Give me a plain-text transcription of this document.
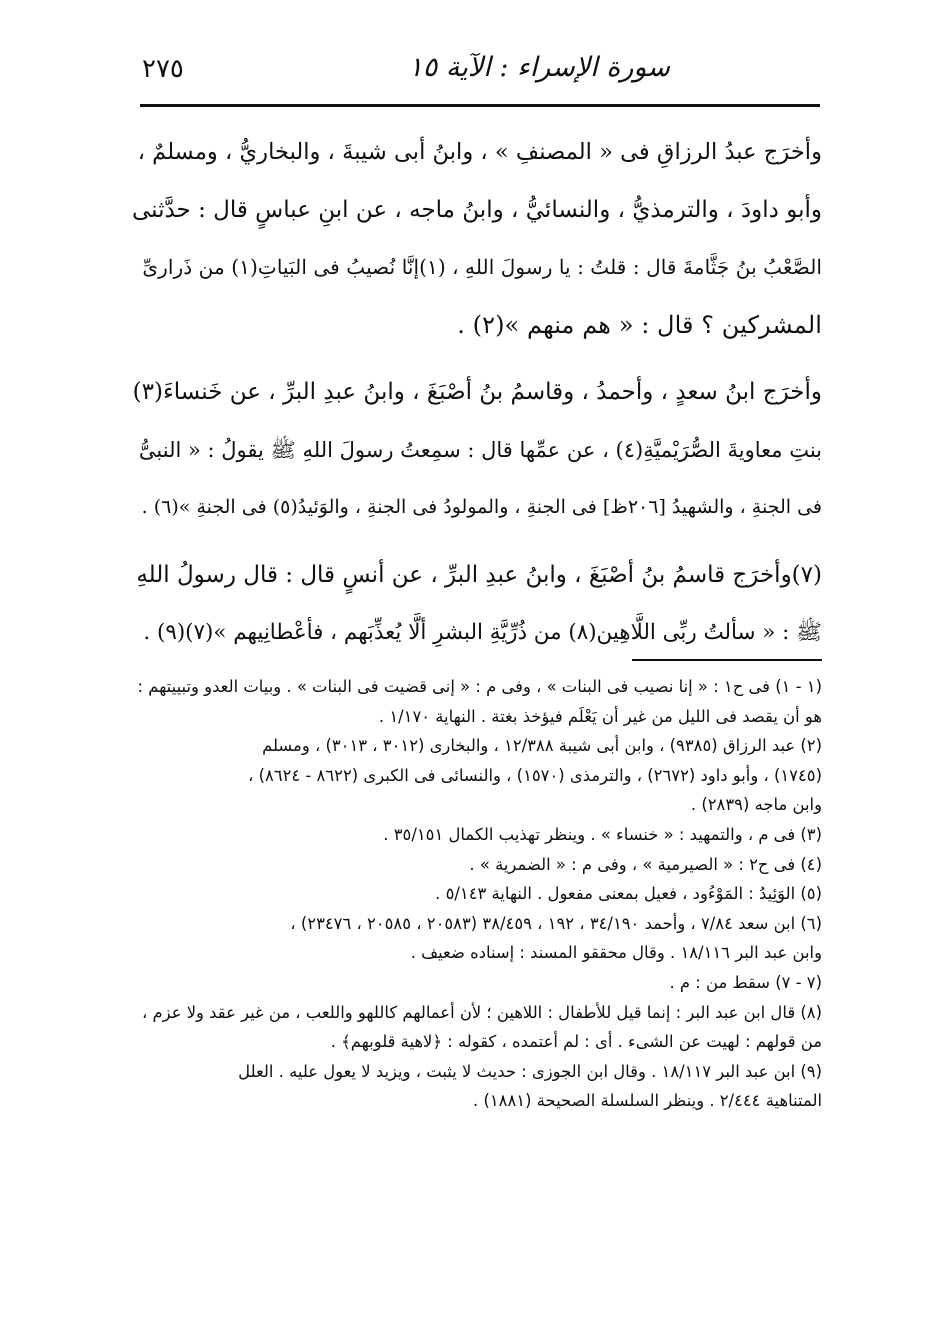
٢٧٥	سورة الإسراء : الآية ١٥

وأخرَج عبدُ الرزاقِ فى « المصنفِ » ، وابنُ أبى شيبةَ ، والبخاريُّ ، ومسلمٌ ،
وأبو داودَ ، والترمذيُّ ، والنسائيُّ ، وابنُ ماجه ، عن ابنِ عباسٍ قال : حدَّثنى
الصَّعْبُ بنُ جَثَّامةَ قال : قلتُ : يا رسولَ اللهِ ، (١)إنَّا نُصيبُ فى البَياتِ(١) من ذَرارىِّ
المشركين ؟ قال : « هم منهم »(٢) .

وأخرَج ابنُ سعدٍ ، وأحمدُ ، وقاسمُ بنُ أصْبَغَ ، وابنُ عبدِ البرِّ ، عن خَنساءَ(٣)
بنتِ معاويةَ الصُّرَيْميَّةِ(٤) ، عن عمِّها قال : سمِعتُ رسولَ اللهِ ﷺ يقولُ : « النبىُّ
فى الجنةِ ، والشهيدُ [٢٠٦ظ] فى الجنةِ ، والمولودُ فى الجنةِ ، والوَئيدُ(٥) فى الجنةِ »(٦) .

(٧)وأخرَج قاسمُ بنُ أصْبَغَ ، وابنُ عبدِ البرِّ ، عن أنسٍ قال : قال رسولُ اللهِ
ﷺ : « سألتُ ربِّى اللَّاهِين(٨) من ذُرِّيَّةِ البشرِ ألَّا يُعذِّبَهم ، فأعْطانِيهم »(٧)(٩) .

(١ - ١) فى ح١ : « إنا نصيب فى البنات » ، وفى م : « إنى قضيت فى البنات » . وبيات العدو وتبييتهم :
هو أن يقصد فى الليل من غير أن يَعْلَم فيؤخذ بغتة . النهاية ١/١٧٠ .
(٢) عبد الرزاق (٩٣٨٥) ، وابن أبى شيبة ١٢/٣٨٨ ، والبخارى (٣٠١٢ ، ٣٠١٣) ، ومسلم
(١٧٤٥) ، وأبو داود (٢٦٧٢) ، والترمذى (١٥٧٠) ، والنسائى فى الكبرى (٨٦٢٢ - ٨٦٢٤) ،
وابن ماجه (٢٨٣٩) .
(٣) فى م ، والتمهيد : « خنساء » . وينظر تهذيب الكمال ٣٥/١٥١ .
(٤) فى ح٢ : « الصيرمية » ، وفى م : « الضمرية » .
(٥) الوَئِيدُ : المَوْءُود ، فعيل بمعنى مفعول . النهاية ٥/١٤٣ .
(٦) ابن سعد ٧/٨٤ ، وأحمد ٣٤/١٩٠ ، ١٩٢ ، ٣٨/٤٥٩ (٢٠٥٨٣ ، ٢٠٥٨٥ ، ٢٣٤٧٦) ،
وابن عبد البر ١٨/١١٦ . وقال محققو المسند : إسناده ضعيف .
(٧ - ٧) سقط من : م .
(٨) قال ابن عبد البر : إنما قيل للأطفال : اللاهين ؛ لأن أعمالهم كاللهو واللعب ، من غير عقد ولا عزم ،
من قولهم : لهيت عن الشىء . أى : لم أعتمده ، كقوله : ﴿لاهية قلوبهم﴾ .
(٩) ابن عبد البر ١٨/١١٧ . وقال ابن الجوزى : حديث لا يثبت ، ويزيد لا يعول عليه . العلل
المتناهية ٢/٤٤٤ . وينظر السلسلة الصحيحة (١٨٨١) .
